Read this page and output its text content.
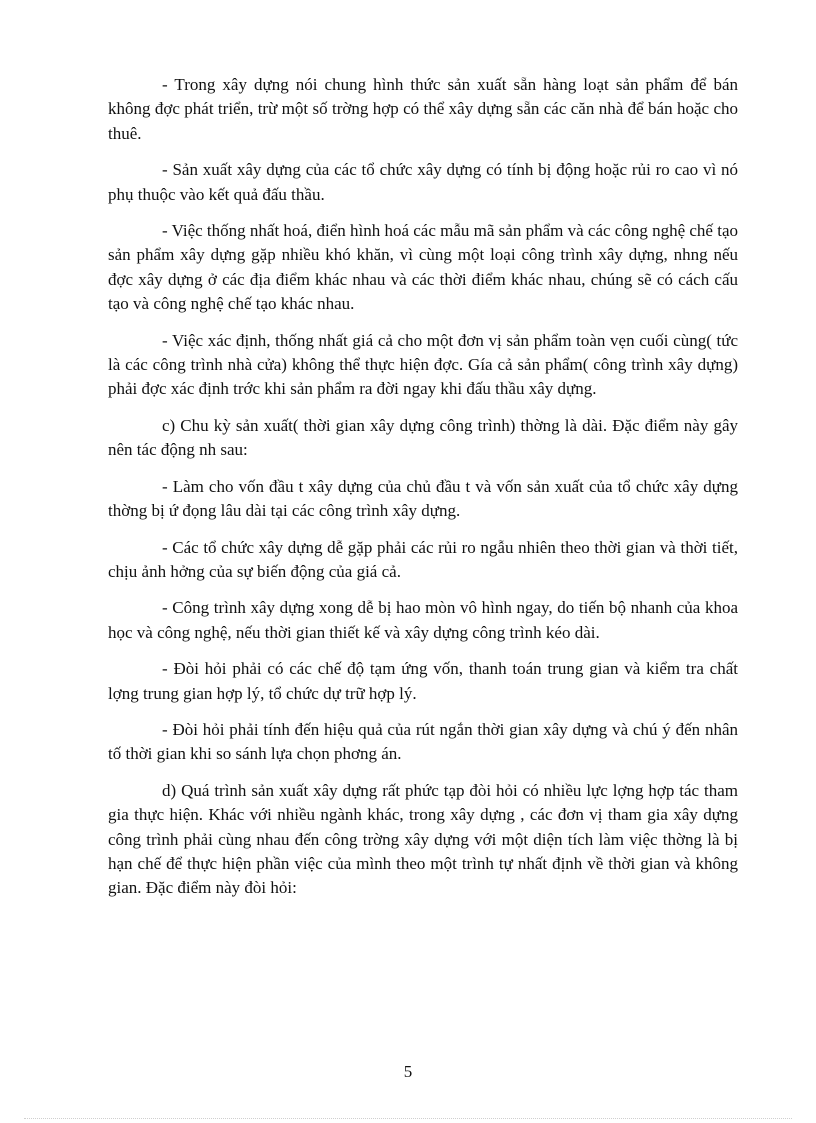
- Trong xây dựng nói chung hình thức sản xuất sẵn hàng loạt sản phẩm để bán không đợc phát triển, trừ một số trờng hợp có thể xây dựng sẵn các căn nhà để bán hoặc cho thuê.

- Sản xuất xây dựng của các tổ chức xây dựng có tính bị động hoặc rủi ro cao vì nó phụ thuộc vào kết quả đấu thầu.

- Việc thống nhất hoá, điển hình hoá các mẫu mã sản phẩm và các công nghệ chế tạo sản phẩm xây dựng gặp nhiều khó khăn, vì cùng một loại công trình xây dựng, nhng nếu đợc xây dựng ở các địa điểm khác nhau và các thời điểm khác nhau, chúng sẽ có cách cấu tạo và công nghệ chế tạo khác nhau.

- Việc xác định, thống nhất giá cả cho một đơn vị sản phẩm toàn vẹn cuối cùng( tức là các công trình nhà cửa) không thể thực hiện đợc. Gía cả sản phẩm( công trình xây dựng) phải đợc xác định trớc khi sản phẩm ra đời ngay khi đấu thầu xây dựng.

c) Chu kỳ sản xuất( thời gian xây dựng công trình) thờng là dài. Đặc điểm này gây nên tác động nh sau:

- Làm cho vốn đầu t xây dựng của chủ đầu t và vốn sản xuất của tổ chức xây dựng thờng bị ứ đọng lâu dài tại các công trình xây dựng.

- Các tổ chức xây dựng dễ gặp phải các rủi ro ngẫu nhiên theo thời gian và thời tiết, chịu ảnh hởng của sự biến động của giá cả.

- Công trình xây dựng xong dễ bị hao mòn vô hình ngay, do tiến bộ nhanh của khoa học và công nghệ, nếu thời gian thiết kế và xây dựng công trình kéo dài.

- Đòi hỏi phải có các chế độ tạm ứng vốn, thanh toán trung gian và kiểm tra chất lợng trung gian hợp lý, tổ chức dự trữ hợp lý.

- Đòi hỏi phải tính đến hiệu quả của rút ngắn thời gian xây dựng và chú ý đến nhân tố thời gian khi so sánh lựa chọn phơng án.

d) Quá trình sản xuất xây dựng rất phức tạp đòi hỏi có nhiều lực lợng hợp tác tham gia thực hiện. Khác với nhiều ngành khác, trong xây dựng , các đơn vị tham gia xây dựng công trình phải cùng nhau đến công trờng xây dựng với một diện tích làm việc thờng là bị hạn chế để thực hiện phần việc của mình theo một trình tự nhất định về thời gian và không gian. Đặc điểm này đòi hỏi:

5
